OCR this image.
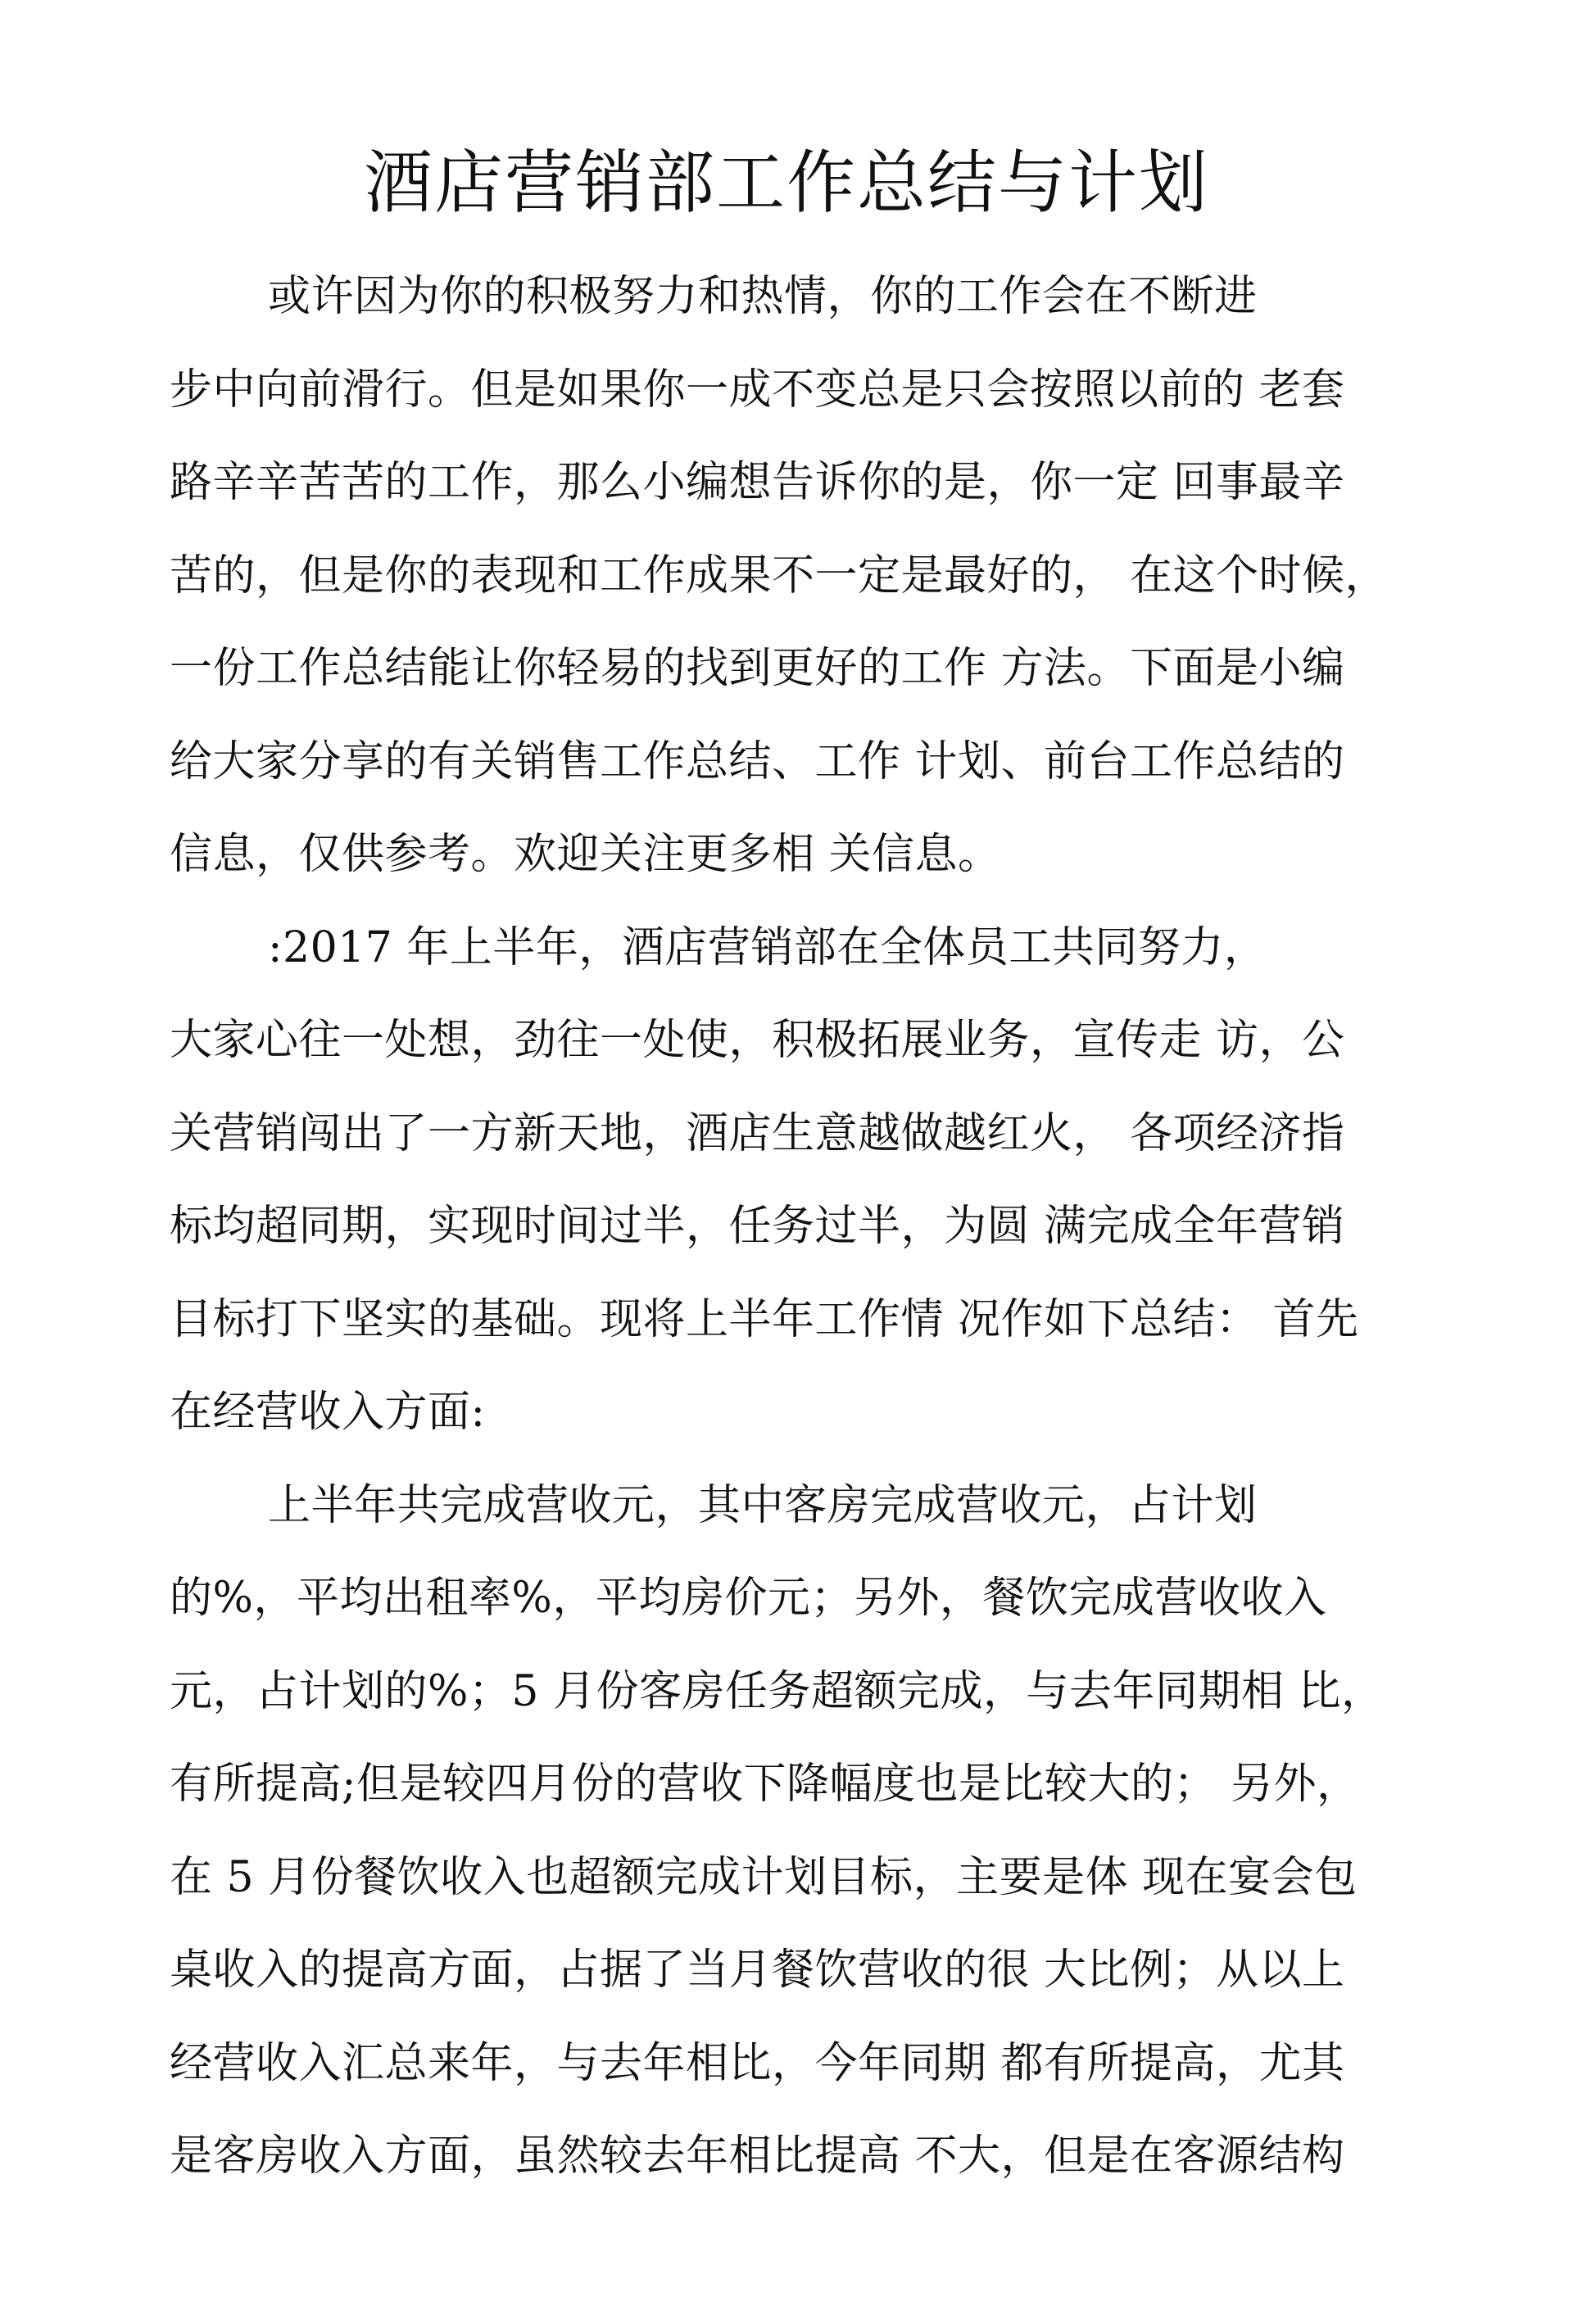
酒店营销部工作总结与计划
或许因为你的积极努力和热情，你的工作会在不断进
步中向前滑行。但是如果你一成不变总是只会按照以前的 老套
路辛辛苦苦的工作，那么小编想告诉你的是，你一定 回事最辛
苦的，但是你的表现和工作成果不一定是最好的， 在这个时候，
一份工作总结能让你轻易的找到更好的工作 方法。下面是小编
给大家分享的有关销售工作总结、工作 计划、前台工作总结的
信息，仅供参考。欢迎关注更多相 关信息。
:2017 年上半年，酒店营销部在全体员工共同努力，
大家心往一处想，劲往一处使，积极拓展业务，宣传走 访，公
关营销闯出了一方新天地，酒店生意越做越红火， 各项经济指
标均超同期，实现时间过半，任务过半，为圆 满完成全年营销
目标打下坚实的基础。现将上半年工作情 况作如下总结： 首先
在经营收入方面:
上半年共完成营收元，其中客房完成营收元，占计划
的%，平均出租率%，平均房价元；另外，餐饮完成营收收入
元，占计划的%；5 月份客房任务超额完成，与去年同期相 比，
有所提高;但是较四月份的营收下降幅度也是比较大的； 另外，
在 5 月份餐饮收入也超额完成计划目标，主要是体 现在宴会包
桌收入的提高方面，占据了当月餐饮营收的很 大比例；从以上
经营收入汇总来年，与去年相比，今年同期 都有所提高，尤其
是客房收入方面，虽然较去年相比提高 不大，但是在客源结构
